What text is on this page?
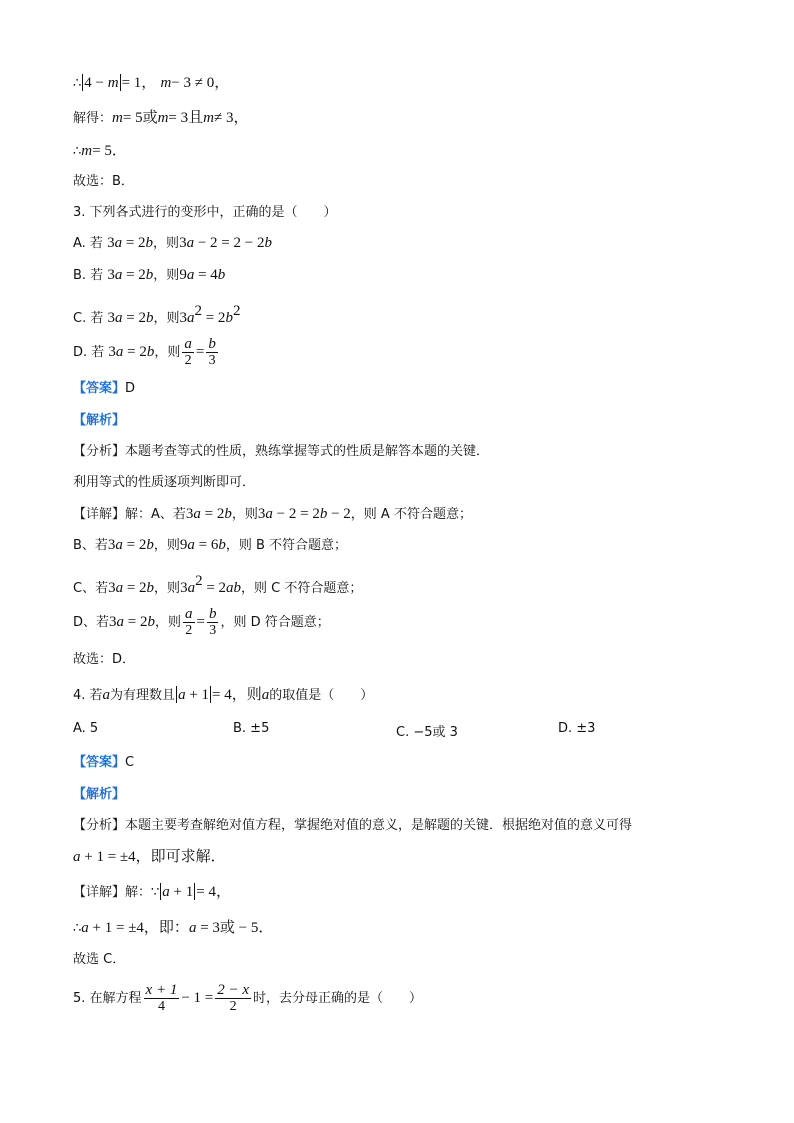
∴ 4 − m = 1， m− 3 ≠ 0，
解得：m= 5或m= 3且m≠ 3，
∴m= 5．
故选：B．
3. 下列各式进行的变形中，正确的是（　　）
A. 若 3a = 2b，则3a − 2 = 2 − 2b
B. 若 3a = 2b，则9a = 4b
C. 若 3a = 2b，则$3a^2 = 2b^2$
D. 若 3a = 2b，则 $\frac{a}{2} = \frac{b}{3}$
【答案】D
【解析】
【分析】本题考查等式的性质，熟练掌握等式的性质是解答本题的关键．
利用等式的性质逐项判断即可．
【详解】解：A、若3a = 2b，则3a − 2 = 2b − 2，则 A 不符合题意；
B、若3a = 2b，则9a = 6b，则 B 不符合题意；
C、若3a = 2b，则$3a^2 = 2ab$，则 C 不符合题意；
D、若3a = 2b，则 $\frac{a}{2} = \frac{b}{3}$ ，则 D 符合题意；
故选：D．
4. 若a为有理数且 a + 1 = 4，则a的取值是（　　）
A. 5	B. ±5	C. −5或 3	D. ±3
【答案】C
【解析】
【分析】本题主要考查解绝对值方程，掌握绝对值的意义，是解题的关键．根据绝对值的意义可得
a + 1 = ±4，即可求解．
【详解】解：∵ a + 1 = 4，
∴a + 1 = ±4，即：a = 3或 − 5．
故选 C．
5. 在解方程 $\frac{x + 1}{4} - 1 = \frac{2 - x}{2}$ 时，去分母正确的是（　　）
